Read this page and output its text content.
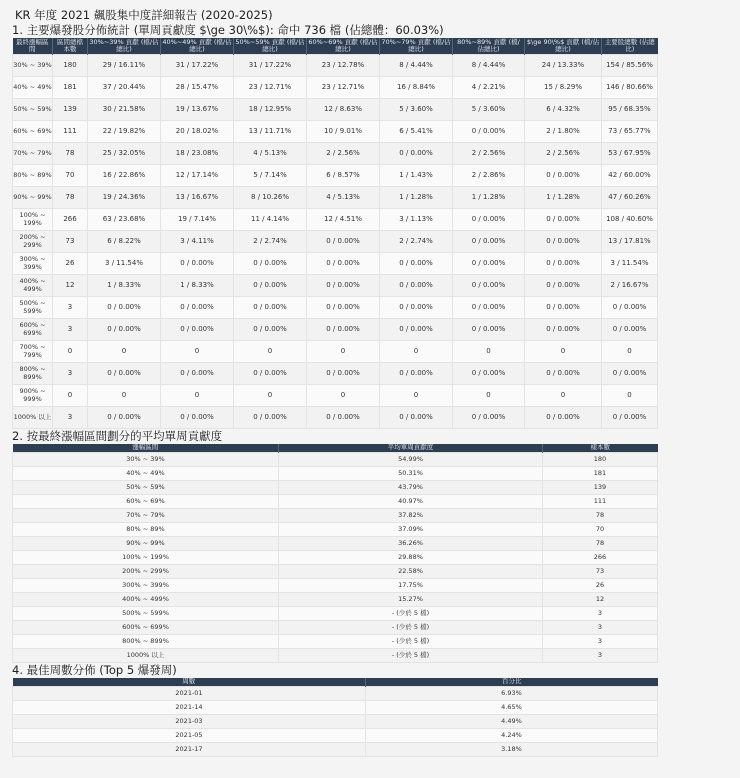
KR 年度 2021 飆股集中度詳細報告 (2020-2025)
1. 主要爆發股分佈統計 (單周貢獻度 $\ge 30\%$): 命中 736 檔 (佔總體：60.03%)
最終漲幅區間	區間總檔本數	30%~39% 貢獻 (檔/佔總比)	40%~49% 貢獻 (檔/佔總比)	50%~59% 貢獻 (檔/佔總比)	60%~69% 貢獻 (檔/佔總比)	70%~79% 貢獻 (檔/佔總比)	80%~89% 貢獻 (檔/佔總比)	$\ge 90\%$ 貢獻 (檔/佔總比)	主要股總數 (佔總比)
30% ~ 39%	180	29 / 16.11%	31 / 17.22%	31 / 17.22%	23 / 12.78%	8 / 4.44%	8 / 4.44%	24 / 13.33%	154 / 85.56%
40% ~ 49%	181	37 / 20.44%	28 / 15.47%	23 / 12.71%	23 / 12.71%	16 / 8.84%	4 / 2.21%	15 / 8.29%	146 / 80.66%
50% ~ 59%	139	30 / 21.58%	19 / 13.67%	18 / 12.95%	12 / 8.63%	5 / 3.60%	5 / 3.60%	6 / 4.32%	95 / 68.35%
60% ~ 69%	111	22 / 19.82%	20 / 18.02%	13 / 11.71%	10 / 9.01%	6 / 5.41%	0 / 0.00%	2 / 1.80%	73 / 65.77%
70% ~ 79%	78	25 / 32.05%	18 / 23.08%	4 / 5.13%	2 / 2.56%	0 / 0.00%	2 / 2.56%	2 / 2.56%	53 / 67.95%
80% ~ 89%	70	16 / 22.86%	12 / 17.14%	5 / 7.14%	6 / 8.57%	1 / 1.43%	2 / 2.86%	0 / 0.00%	42 / 60.00%
90% ~ 99%	78	19 / 24.36%	13 / 16.67%	8 / 10.26%	4 / 5.13%	1 / 1.28%	1 / 1.28%	1 / 1.28%	47 / 60.26%
100% ~ 199%	266	63 / 23.68%	19 / 7.14%	11 / 4.14%	12 / 4.51%	3 / 1.13%	0 / 0.00%	0 / 0.00%	108 / 40.60%
200% ~ 299%	73	6 / 8.22%	3 / 4.11%	2 / 2.74%	0 / 0.00%	2 / 2.74%	0 / 0.00%	0 / 0.00%	13 / 17.81%
300% ~ 399%	26	3 / 11.54%	0 / 0.00%	0 / 0.00%	0 / 0.00%	0 / 0.00%	0 / 0.00%	0 / 0.00%	3 / 11.54%
400% ~ 499%	12	1 / 8.33%	1 / 8.33%	0 / 0.00%	0 / 0.00%	0 / 0.00%	0 / 0.00%	0 / 0.00%	2 / 16.67%
500% ~ 599%	3	0 / 0.00%	0 / 0.00%	0 / 0.00%	0 / 0.00%	0 / 0.00%	0 / 0.00%	0 / 0.00%	0 / 0.00%
600% ~ 699%	3	0 / 0.00%	0 / 0.00%	0 / 0.00%	0 / 0.00%	0 / 0.00%	0 / 0.00%	0 / 0.00%	0 / 0.00%
700% ~ 799%	0	0	0	0	0	0	0	0	0
800% ~ 899%	3	0 / 0.00%	0 / 0.00%	0 / 0.00%	0 / 0.00%	0 / 0.00%	0 / 0.00%	0 / 0.00%	0 / 0.00%
900% ~ 999%	0	0	0	0	0	0	0	0	0
1000% 以上	3	0 / 0.00%	0 / 0.00%	0 / 0.00%	0 / 0.00%	0 / 0.00%	0 / 0.00%	0 / 0.00%	0 / 0.00%
2. 按最終漲幅區間劃分的平均單周貢獻度
漲幅區間	平均單周貢獻度	樣本數
30% ~ 39%	54.99%	180
40% ~ 49%	50.31%	181
50% ~ 59%	43.79%	139
60% ~ 69%	40.97%	111
70% ~ 79%	37.82%	78
80% ~ 89%	37.09%	70
90% ~ 99%	36.26%	78
100% ~ 199%	29.88%	266
200% ~ 299%	22.58%	73
300% ~ 399%	17.75%	26
400% ~ 499%	15.27%	12
500% ~ 599%	- (少於 5 檔)	3
600% ~ 699%	- (少於 5 檔)	3
800% ~ 899%	- (少於 5 檔)	3
1000% 以上	- (少於 5 檔)	3
4. 最佳周數分佈 (Top 5 爆發周)
周數	百分比
2021-01	6.93%
2021-14	4.65%
2021-03	4.49%
2021-05	4.24%
2021-17	3.18%
